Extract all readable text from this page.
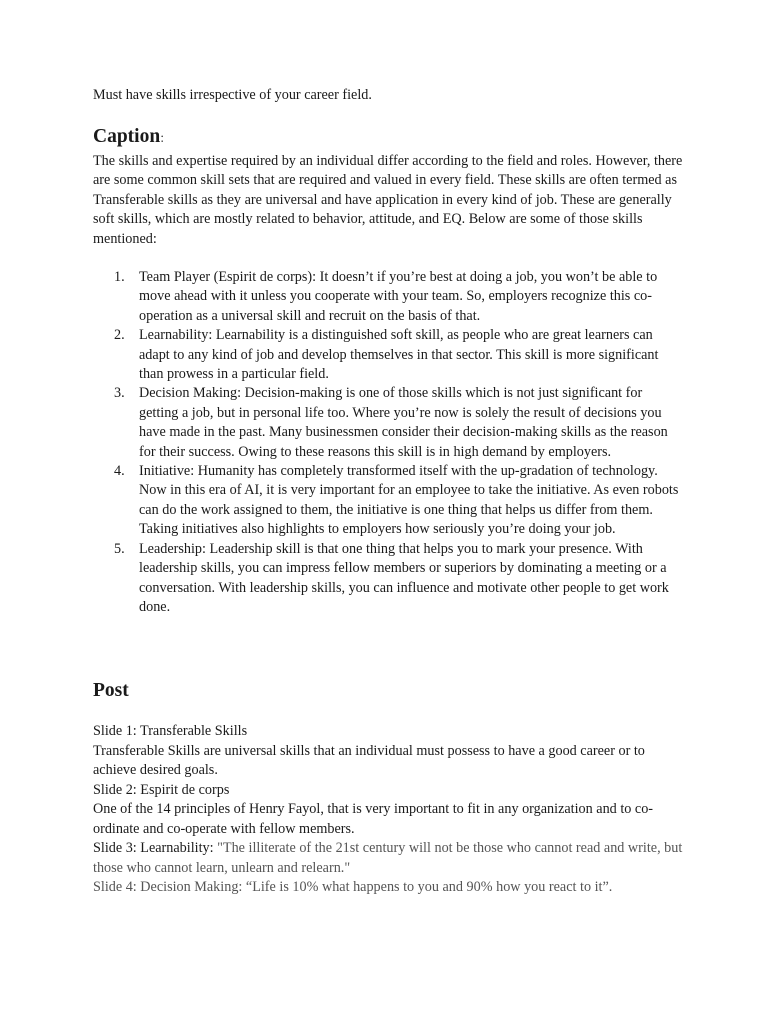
Must have skills irrespective of your career field.

Caption:

The skills and expertise required by an individual differ according to the field and roles. However, there are some common skill sets that are required and valued in every field. These skills are often termed as Transferable skills as they are universal and have application in every kind of job. These are generally soft skills, which are mostly related to behavior, attitude, and EQ. Below are some of those skills mentioned:

1. Team Player (Espirit de corps): It doesn’t if you’re best at doing a job, you won’t be able to move ahead with it unless you cooperate with your team. So, employers recognize this co-operation as a universal skill and recruit on the basis of that.
2. Learnability: Learnability is a distinguished soft skill, as people who are great learners can adapt to any kind of job and develop themselves in that sector. This skill is more significant than prowess in a particular field.
3. Decision Making: Decision-making is one of those skills which is not just significant for getting a job, but in personal life too. Where you’re now is solely the result of decisions you have made in the past. Many businessmen consider their decision-making skills as the reason for their success. Owing to these reasons this skill is in high demand by employers.
4. Initiative: Humanity has completely transformed itself with the up-gradation of technology. Now in this era of AI, it is very important for an employee to take the initiative. As even robots can do the work assigned to them, the initiative is one thing that helps us differ from them. Taking initiatives also highlights to employers how seriously you’re doing your job.
5. Leadership: Leadership skill is that one thing that helps you to mark your presence. With leadership skills, you can impress fellow members or superiors by dominating a meeting or a conversation. With leadership skills, you can influence and motivate other people to get work done.
Post

Slide 1: Transferable Skills

Transferable Skills are universal skills that an individual must possess to have a good career or to achieve desired goals.

Slide 2: Espirit de corps

One of the 14 principles of Henry Fayol, that is very important to fit in any organization and to co-ordinate and co-operate with fellow members.

Slide 3: Learnability: "The illiterate of the 21st century will not be those who cannot read and write, but those who cannot learn, unlearn and relearn."

Slide 4: Decision Making: “Life is 10% what happens to you and 90% how you react to it”.
